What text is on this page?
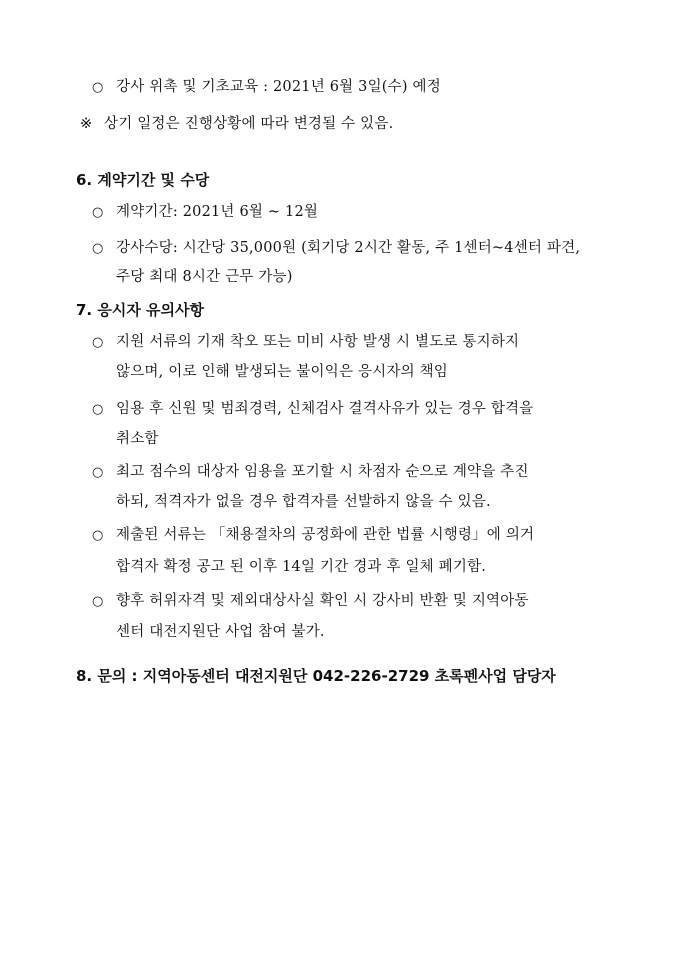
○ 강사 위촉 및 기초교육 : 2021년 6월 3일(수) 예정
※ 상기 일정은 진행상황에 따라 변경될 수 있음.
6. 계약기간 및 수당
○ 계약기간: 2021년 6월 ~ 12월
○ 강사수당: 시간당 35,000원 (회기당 2시간 활동, 주 1센터~4센터 파견,
주당 최대 8시간 근무 가능)
7. 응시자 유의사항
○ 지원 서류의 기재 착오 또는 미비 사항 발생 시 별도로 통지하지
않으며, 이로 인해 발생되는 불이익은 응시자의 책임
○ 임용 후 신원 및 범죄경력, 신체검사 결격사유가 있는 경우 합격을
취소함
○ 최고 점수의 대상자 임용을 포기할 시 차점자 순으로 계약을 추진
하되, 적격자가 없을 경우 합격자를 선발하지 않을 수 있음.
○ 제출된 서류는 「채용절차의 공정화에 관한 법률 시행령」에 의거
합격자 확정 공고 된 이후 14일 기간 경과 후 일체 폐기함.
○ 향후 허위자격 및 제외대상사실 확인 시 강사비 반환 및 지역아동
센터 대전지원단 사업 참여 불가.
8. 문의 : 지역아동센터 대전지원단 042-226-2729 초록펜사업 담당자
